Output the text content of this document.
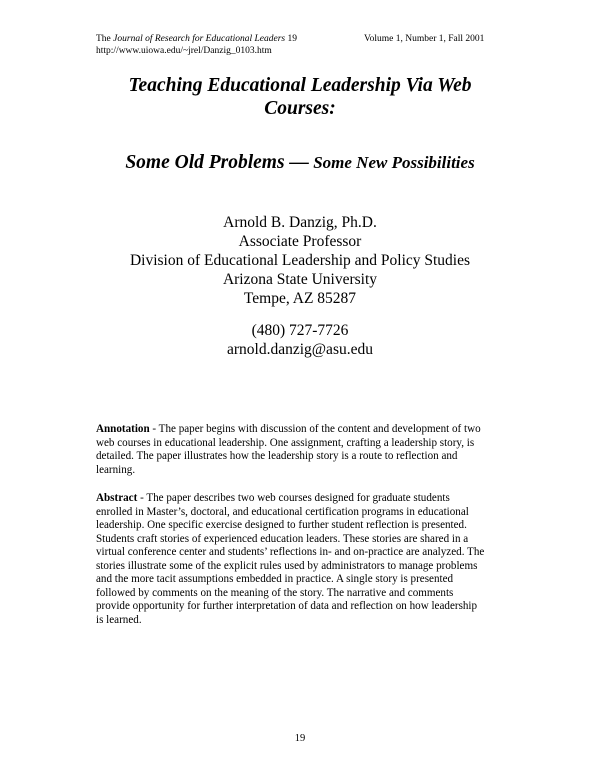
The Journal of Research for Educational Leaders 19	Volume 1, Number 1, Fall 2001
http://www.uiowa.edu/~jrel/Danzig_0103.htm
Teaching Educational Leadership Via Web
Courses:
Some Old Problems — Some New Possibilities
Arnold B. Danzig, Ph.D.
Associate Professor
Division of Educational Leadership and Policy Studies
Arizona State University
Tempe, AZ 85287
(480) 727-7726
arnold.danzig@asu.edu
Annotation - The paper begins with discussion of the content and development of two
web courses in educational leadership. One assignment, crafting a leadership story, is
detailed. The paper illustrates how the leadership story is a route to reflection and
learning.
Abstract - The paper describes two web courses designed for graduate students
enrolled in Master’s, doctoral, and educational certification programs in educational
leadership. One specific exercise designed to further student reflection is presented.
Students craft stories of experienced education leaders. These stories are shared in a
virtual conference center and students’ reflections in- and on-practice are analyzed. The
stories illustrate some of the explicit rules used by administrators to manage problems
and the more tacit assumptions embedded in practice. A single story is presented
followed by comments on the meaning of the story. The narrative and comments
provide opportunity for further interpretation of data and reflection on how leadership
is learned.
19
